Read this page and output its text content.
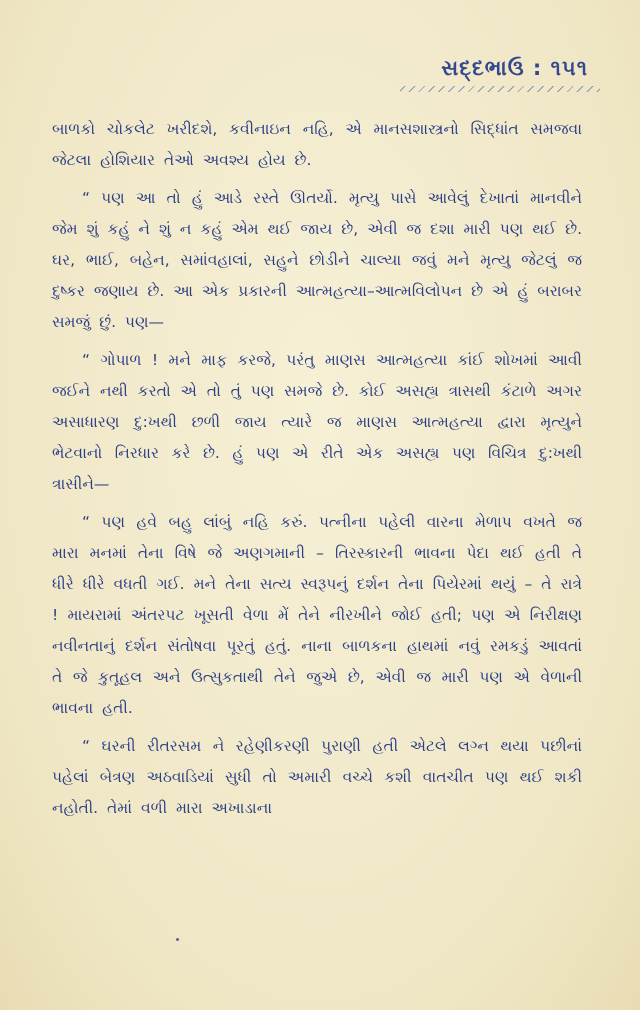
સદ્દભાઉ : ૧૫૧

બાળકો ચોકલેટ ખરીદશે, કવીનાઇન નહિ, એ માનસશાસ્ત્રનો સિદ્ધાંત સમજવા જેટલા હોશિયાર તેઓ અવશ્ય હોય છે.

“ પણ આ તો હું આડે રસ્તે ઊતર્યો. મૃત્યુ પાસે આવેલું દેખાતાં માનવીને જેમ શું કહું ને શું ન કહું એમ થઈ જાય છે, એવી જ દશા મારી પણ થઈ છે. ઘર, ભાઈ, બહેન, સમાંવહાલાં, સહુને છોડીને ચાલ્યા જવું મને મૃત્યુ જેટલું જ દુષ્કર જણાય છે. આ એક પ્રકારની આત્મહત્યા–આત્મવિલોપન છે એ હું બરાબર સમજું છું. પણ—

“ ગોપાળ ! મને માફ કરજે, પરંતુ માણસ આત્મહત્યા કાંઈ શોખમાં આવી જઈને નથી કરતો એ તો તું પણ સમજે છે. કોઈ અસહ્ય ત્રાસથી કંટાળે અગર અસાધારણ દુ:ખથી છળી જાય ત્યારે જ માણસ આત્મહત્યા દ્વારા મૃત્યુને ભેટવાનો નિરધાર કરે છે. હું પણ એ રીતે એક અસહ્ય પણ વિચિત્ર દુ:ખથી ત્રાસીને—

“ પણ હવે બહુ લાંબું નહિ કરું. પત્નીના પહેલી વારના મેળાપ વખતે જ મારા મનમાં તેના વિષે જે અણગમાની – તિરસ્કારની ભાવના પેદા થઈ હતી તે ધીરે ધીરે વધતી ગઈ. મને તેના સત્ય સ્વરૂપનું દર્શન તેના પિયેરમાં થયું – તે રાત્રે ! માયરામાં અંતરપટ ખૂસતી વેળા મેં તેને નીરખીને જોઈ હતી; પણ એ નિરીક્ષણ નવીનતાનું દર્શન સંતોષવા પૂરતું હતું. નાના બાળકના હાથમાં નવું રમકડું આવતાં તે જે કુતૂહલ અને ઉત્સુકતાથી તેને જુએ છે, એવી જ મારી પણ એ વેળાની ભાવના હતી.

“ ઘરની રીતરસમ ને રહેણીકરણી પુરાણી હતી એટલે લગ્ન થયા પછીનાં પહેલાં બેત્રણ અઠવાડિયાં સુધી તો અમારી વચ્ચે કશી વાતચીત પણ થઈ શકી નહોતી. તેમાં વળી મારા અખાડાના
